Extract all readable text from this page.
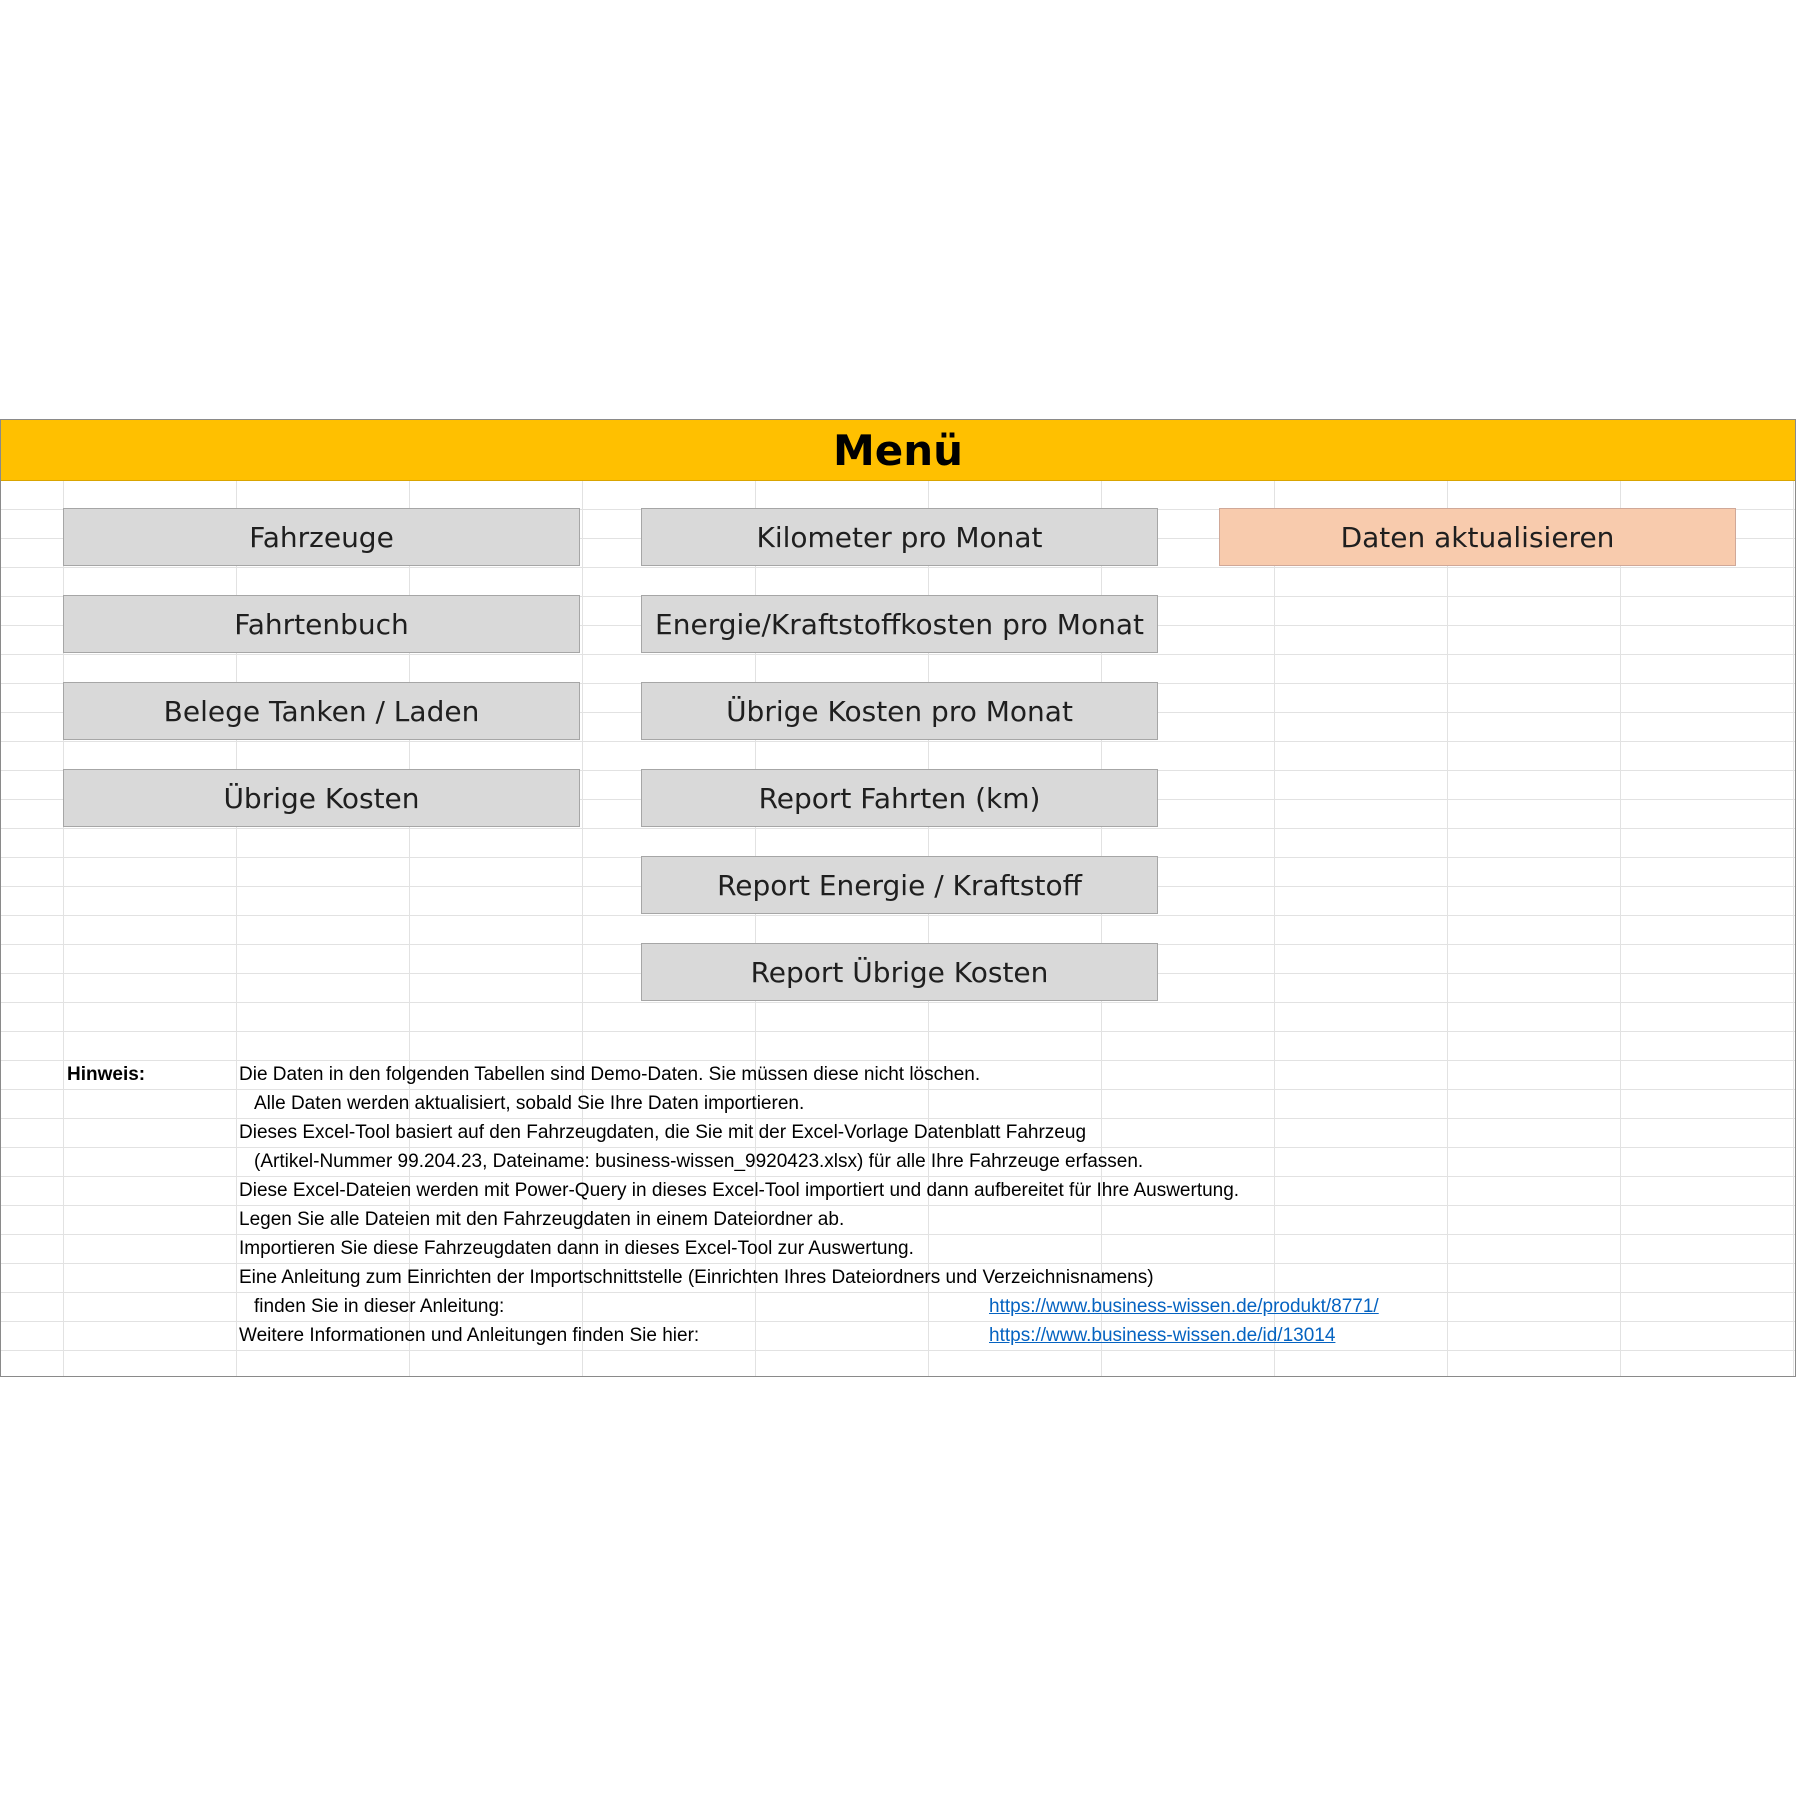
Menü
Fahrzeuge
Fahrtenbuch
Belege Tanken / Laden
Übrige Kosten
Kilometer pro Monat
Energie/Kraftstoffkosten pro Monat
Übrige Kosten pro Monat
Report Fahrten (km)
Report Energie / Kraftstoff
Report Übrige Kosten
Daten aktualisieren
Hinweis:	Die Daten in den folgenden Tabellen sind Demo-Daten. Sie müssen diese nicht löschen.
Alle Daten werden aktualisiert, sobald Sie Ihre Daten importieren.
Dieses Excel-Tool basiert auf den Fahrzeugdaten, die Sie mit der Excel-Vorlage Datenblatt Fahrzeug
(Artikel-Nummer 99.204.23, Dateiname: business-wissen_9920423.xlsx) für alle Ihre Fahrzeuge erfassen.
Diese Excel-Dateien werden mit Power-Query in dieses Excel-Tool importiert und dann aufbereitet für Ihre Auswertung.
Legen Sie alle Dateien mit den Fahrzeugdaten in einem Dateiordner ab.
Importieren Sie diese Fahrzeugdaten dann in dieses Excel-Tool zur Auswertung.
Eine Anleitung zum Einrichten der Importschnittstelle (Einrichten Ihres Dateiordners und Verzeichnisnamens)
finden Sie in dieser Anleitung:
Weitere Informationen und Anleitungen finden Sie hier:
https://www.business-wissen.de/produkt/8771/
https://www.business-wissen.de/id/13014
